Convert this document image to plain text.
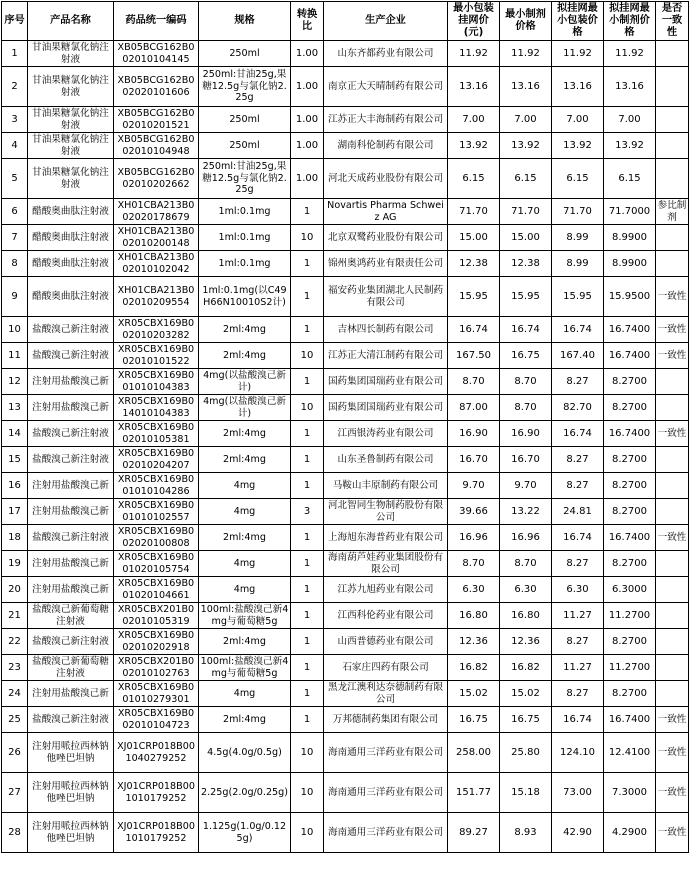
序号	产品名称	药品统一编码	规格	转换比	生产企业	最小包装挂网价(元)	最小制剂价格	拟挂网最小包装价格	拟挂网最小制剂价格	是否一致性
1	甘油果糖氯化钠注射液	XB05BCG162B002010104145	250ml	1.00	山东齐都药业有限公司	11.92	11.92	11.92	11.92	
2	甘油果糖氯化钠注射液	XB05BCG162B002020101606	250ml:甘油25g,果糖12.5g与氯化钠2.25g	1.00	南京正大天晴制药有限公司	13.16	13.16	13.16	13.16	
3	甘油果糖氯化钠注射液	XB05BCG162B002010201521	250ml	1.00	江苏正大丰海制药有限公司	7.00	7.00	7.00	7.00	
4	甘油果糖氯化钠注射液	XB05BCG162B002010104948	250ml	1.00	湖南科伦制药有限公司	13.92	13.92	13.92	13.92	
5	甘油果糖氯化钠注射液	XB05BCG162B002010202662	250ml:甘油25g,果糖12.5g与氯化钠2.25g	1.00	河北天成药业股份有限公司	6.15	6.15	6.15	6.15	
6	醋酸奥曲肽注射液	XH01CBA213B002020178679	1ml:0.1mg	1	Novartis Pharma Schweiz AG	71.70	71.70	71.70	71.7000	参比制剂
7	醋酸奥曲肽注射液	XH01CBA213B002010200148	1ml:0.1mg	10	北京双鹭药业股份有限公司	15.00	15.00	8.99	8.9900	
8	醋酸奥曲肽注射液	XH01CBA213B002010102042	1ml:0.1mg	1	锦州奥鸿药业有限责任公司	12.38	12.38	8.99	8.9900	
9	醋酸奥曲肽注射液	XH01CBA213B002010209554	1ml:0.1mg(以C49H66N10010S2计)	1	福安药业集团湖北人民制药有限公司	15.95	15.95	15.95	15.9500	一致性
10	盐酸溴己新注射液	XR05CBX169B002010203282	2ml:4mg	1	吉林四长制药有限公司	16.74	16.74	16.74	16.7400	一致性
11	盐酸溴己新注射液	XR05CBX169B002010101522	2ml:4mg	10	江苏正大清江制药有限公司	167.50	16.75	167.40	16.7400	一致性
12	注射用盐酸溴己新	XR05CBX169B001010104383	4mg(以盐酸溴己新计)	1	国药集团国瑞药业有限公司	8.70	8.70	8.27	8.2700	
13	注射用盐酸溴己新	XR05CBX169B014010104383	4mg(以盐酸溴己新计)	10	国药集团国瑞药业有限公司	87.00	8.70	82.70	8.2700	
14	盐酸溴己新注射液	XR05CBX169B002010105381	2ml:4mg	1	江西银涛药业有限公司	16.90	16.90	16.74	16.7400	一致性
15	盐酸溴己新注射液	XR05CBX169B002010204207	2ml:4mg	1	山东圣鲁制药有限公司	16.70	16.70	8.27	8.2700	
16	注射用盐酸溴己新	XR05CBX169B001010104286	4mg	1	马鞍山丰原制药有限公司	9.70	9.70	8.27	8.2700	
17	注射用盐酸溴己新	XR05CBX169B001010102557	4mg	3	河北智同生物制药股份有限公司	39.66	13.22	24.81	8.2700	
18	盐酸溴己新注射液	XR05CBX169B002020100808	2ml:4mg	1	上海旭东海普药业有限公司	16.96	16.96	16.74	16.7400	一致性
19	注射用盐酸溴己新	XR05CBX169B001020105754	4mg	1	海南葫芦娃药业集团股份有限公司	8.70	8.70	8.27	8.2700	
20	注射用盐酸溴己新	XR05CBX169B001020104661	4mg	1	江苏九旭药业有限公司	6.30	6.30	6.30	6.3000	
21	盐酸溴己新葡萄糖注射液	XR05CBX201B002010105319	100ml:盐酸溴己新4mg与葡萄糖5g	1	江西科伦药业有限公司	16.80	16.80	11.27	11.2700	
22	盐酸溴己新注射液	XR05CBX169B002010202918	2ml:4mg	1	山西普德药业有限公司	12.36	12.36	8.27	8.2700	
23	盐酸溴己新葡萄糖注射液	XR05CBX201B002010102763	100ml:盐酸溴己新4mg与葡萄糖5g	1	石家庄四药有限公司	16.82	16.82	11.27	11.2700	
24	注射用盐酸溴己新	XR05CBX169B001010279301	4mg	1	黑龙江澳利达奈德制药有限公司	15.02	15.02	8.27	8.2700	
25	盐酸溴己新注射液	XR05CBX169B002010104723	2ml:4mg	1	万邦德制药集团有限公司	16.75	16.75	16.74	16.7400	一致性
26	注射用哌拉西林钠他唑巴坦钠	XJ01CRP018B001040279252	4.5g(4.0g/0.5g)	10	海南通用三洋药业有限公司	258.00	25.80	124.10	12.4100	一致性
27	注射用哌拉西林钠他唑巴坦钠	XJ01CRP018B001010179252	2.25g(2.0g/0.25g)	10	海南通用三洋药业有限公司	151.77	15.18	73.00	7.3000	一致性
28	注射用哌拉西林钠他唑巴坦钠	XJ01CRP018B001010179252	1.125g(1.0g/0.125g)	10	海南通用三洋药业有限公司	89.27	8.93	42.90	4.2900	一致性
